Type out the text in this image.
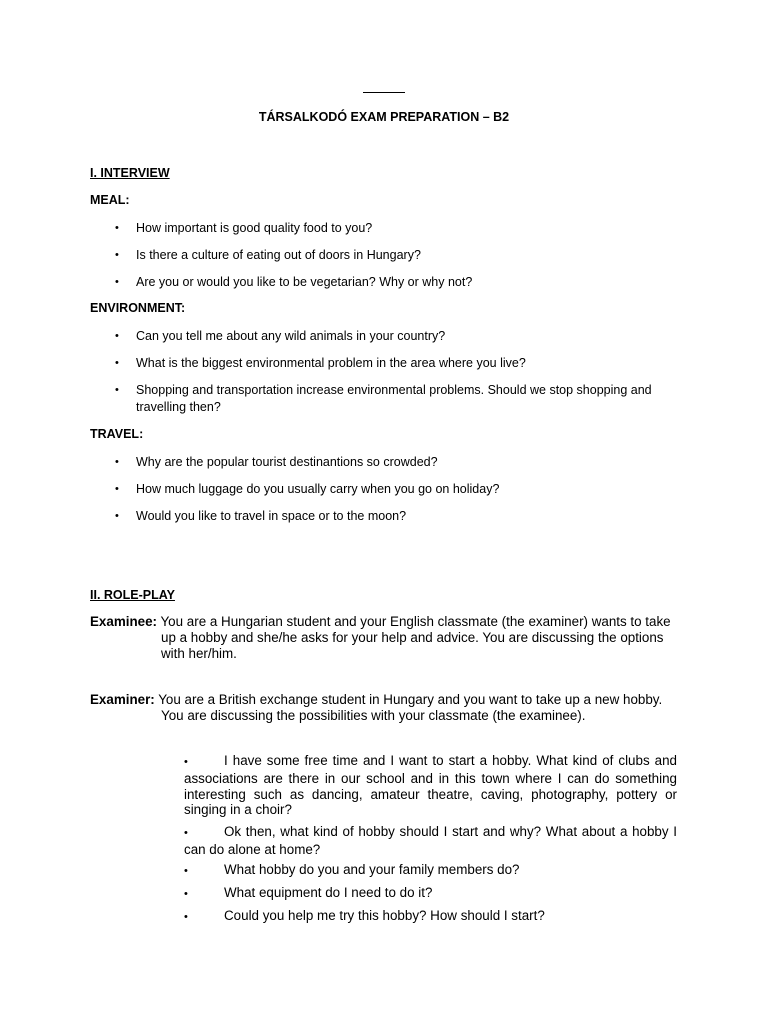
TÁRSALKODÓ EXAM PREPARATION – B2
I. INTERVIEW
MEAL:
• How important is good quality food to you?
• Is there a culture of eating out of doors in Hungary?
• Are you or would you like to be vegetarian? Why or why not?
ENVIRONMENT:
• Can you tell me about any wild animals in your country?
• What is the biggest environmental problem in the area where you live?
• Shopping and transportation increase environmental problems. Should we stop shopping and travelling then?
TRAVEL:
• Why are the popular tourist destinantions so crowded?
• How much luggage do you usually carry when you go on holiday?
• Would you like to travel in space or to the moon?
II. ROLE-PLAY
Examinee: You are a Hungarian student and your English classmate (the examiner) wants to take
up a hobby and she/he asks for your help and advice. You are discussing the options
with her/him.
Examiner: You are a British exchange student in Hungary and you want to take up a new hobby.
You are discussing the possibilities with your classmate (the examinee).
•	I have some free time and I want to start a hobby. What kind of clubs and associations are there in our school and in this town where I can do something interesting such as dancing, amateur theatre, caving, photography, pottery or singing in a choir?
•	Ok then, what kind of hobby should I start and why? What about a hobby I can do alone at home?
•	What hobby do you and your family members do?
•	What equipment do I need to do it?
•	Could you help me try this hobby? How should I start?
